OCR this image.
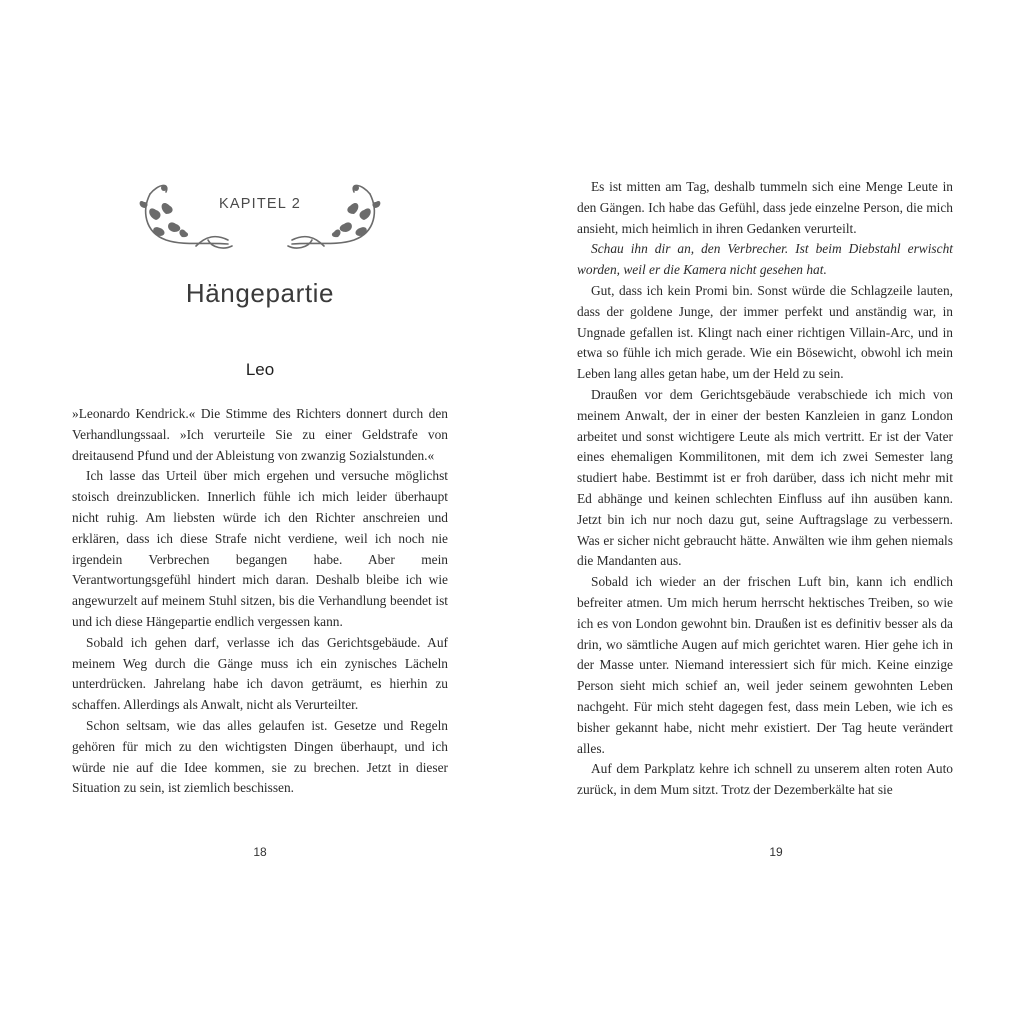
KAPITEL 2
Hängepartie
Leo

»Leonardo Kendrick.« Die Stimme des Richters donnert durch den Verhandlungssaal. »Ich verurteile Sie zu einer Geldstrafe von dreitausend Pfund und der Ableistung von zwanzig Sozialstunden.«

Ich lasse das Urteil über mich ergehen und versuche möglichst stoisch dreinzublicken. Innerlich fühle ich mich leider überhaupt nicht ruhig. Am liebsten würde ich den Richter anschreien und erklären, dass ich diese Strafe nicht verdiene, weil ich noch nie irgendein Verbrechen begangen habe. Aber mein Verantwortungsgefühl hindert mich daran. Deshalb bleibe ich wie angewurzelt auf meinem Stuhl sitzen, bis die Verhandlung beendet ist und ich diese Hängepartie endlich vergessen kann.

Sobald ich gehen darf, verlasse ich das Gerichtsgebäude. Auf meinem Weg durch die Gänge muss ich ein zynisches Lächeln unterdrücken. Jahrelang habe ich davon geträumt, es hierhin zu schaffen. Allerdings als Anwalt, nicht als Verurteilter.

Schon seltsam, wie das alles gelaufen ist. Gesetze und Regeln gehören für mich zu den wichtigsten Dingen überhaupt, und ich würde nie auf die Idee kommen, sie zu brechen. Jetzt in dieser Situation zu sein, ist ziemlich beschissen.

18

Es ist mitten am Tag, deshalb tummeln sich eine Menge Leute in den Gängen. Ich habe das Gefühl, dass jede einzelne Person, die mich ansieht, mich heimlich in ihren Gedanken verurteilt.

Schau ihn dir an, den Verbrecher. Ist beim Diebstahl erwischt worden, weil er die Kamera nicht gesehen hat.

Gut, dass ich kein Promi bin. Sonst würde die Schlagzeile lauten, dass der goldene Junge, der immer perfekt und anständig war, in Ungnade gefallen ist. Klingt nach einer richtigen Villain-Arc, und in etwa so fühle ich mich gerade. Wie ein Bösewicht, obwohl ich mein Leben lang alles getan habe, um der Held zu sein.

Draußen vor dem Gerichtsgebäude verabschiede ich mich von meinem Anwalt, der in einer der besten Kanzleien in ganz London arbeitet und sonst wichtigere Leute als mich vertritt. Er ist der Vater eines ehemaligen Kommilitonen, mit dem ich zwei Semester lang studiert habe. Bestimmt ist er froh darüber, dass ich nicht mehr mit Ed abhänge und keinen schlechten Einfluss auf ihn ausüben kann. Jetzt bin ich nur noch dazu gut, seine Auftragslage zu verbessern. Was er sicher nicht gebraucht hätte. Anwälten wie ihm gehen niemals die Mandanten aus.

Sobald ich wieder an der frischen Luft bin, kann ich endlich befreiter atmen. Um mich herum herrscht hektisches Treiben, so wie ich es von London gewohnt bin. Draußen ist es definitiv besser als da drin, wo sämtliche Augen auf mich gerichtet waren. Hier gehe ich in der Masse unter. Niemand interessiert sich für mich. Keine einzige Person sieht mich schief an, weil jeder seinem gewohnten Leben nachgeht. Für mich steht dagegen fest, dass mein Leben, wie ich es bisher gekannt habe, nicht mehr existiert. Der Tag heute verändert alles.

Auf dem Parkplatz kehre ich schnell zu unserem alten roten Auto zurück, in dem Mum sitzt. Trotz der Dezemberkälte hat sie

19
